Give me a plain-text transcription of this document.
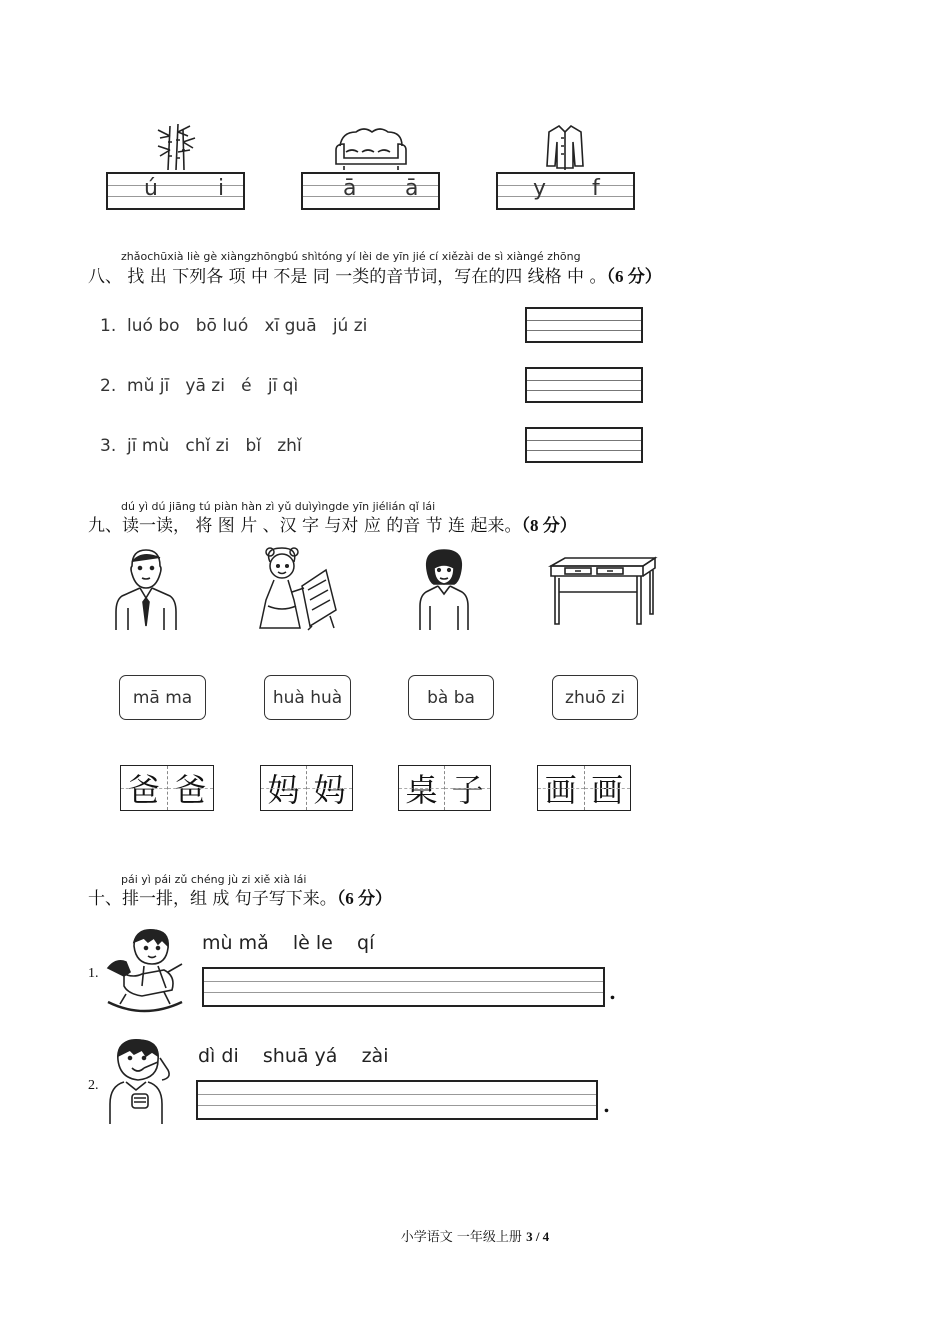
ú	i	ā ā	y f
zhǎochūxià liè gè xiàngzhōngbú shìtóng yí lèi de yīn jié cí xiězài de sì xiàngé zhōng
八、 找 出 下列各 项 中 不是 同 一类的音节词，写在的四 线格 中 。（6 分）
1.  luó bo   bō luó   xī guā   jú zi
2.  mǔ jī   yā zi   é   jī qì
3.  jī mù   chǐ zi   bǐ   zhǐ
dú yì dú jiāng tú piàn hàn zì yǔ duìyìngde yīn jiélián qǐ lái
九、读一读， 将 图 片 、汉 字 与对 应 的音 节 连 起来。（8 分）
mā ma	huà huà	bà ba	zhuō zi
爸 爸 妈 妈 桌 子 画 画
pái yì pái zǔ chéng jù zi xiě xià lái
十、排一排，组 成 句子写下来。（6 分）
1.
mù mǎ    lè le    qí
.
2.
dì di    shuā yá    zài
.
小学语文 一年级上册 3 / 4
